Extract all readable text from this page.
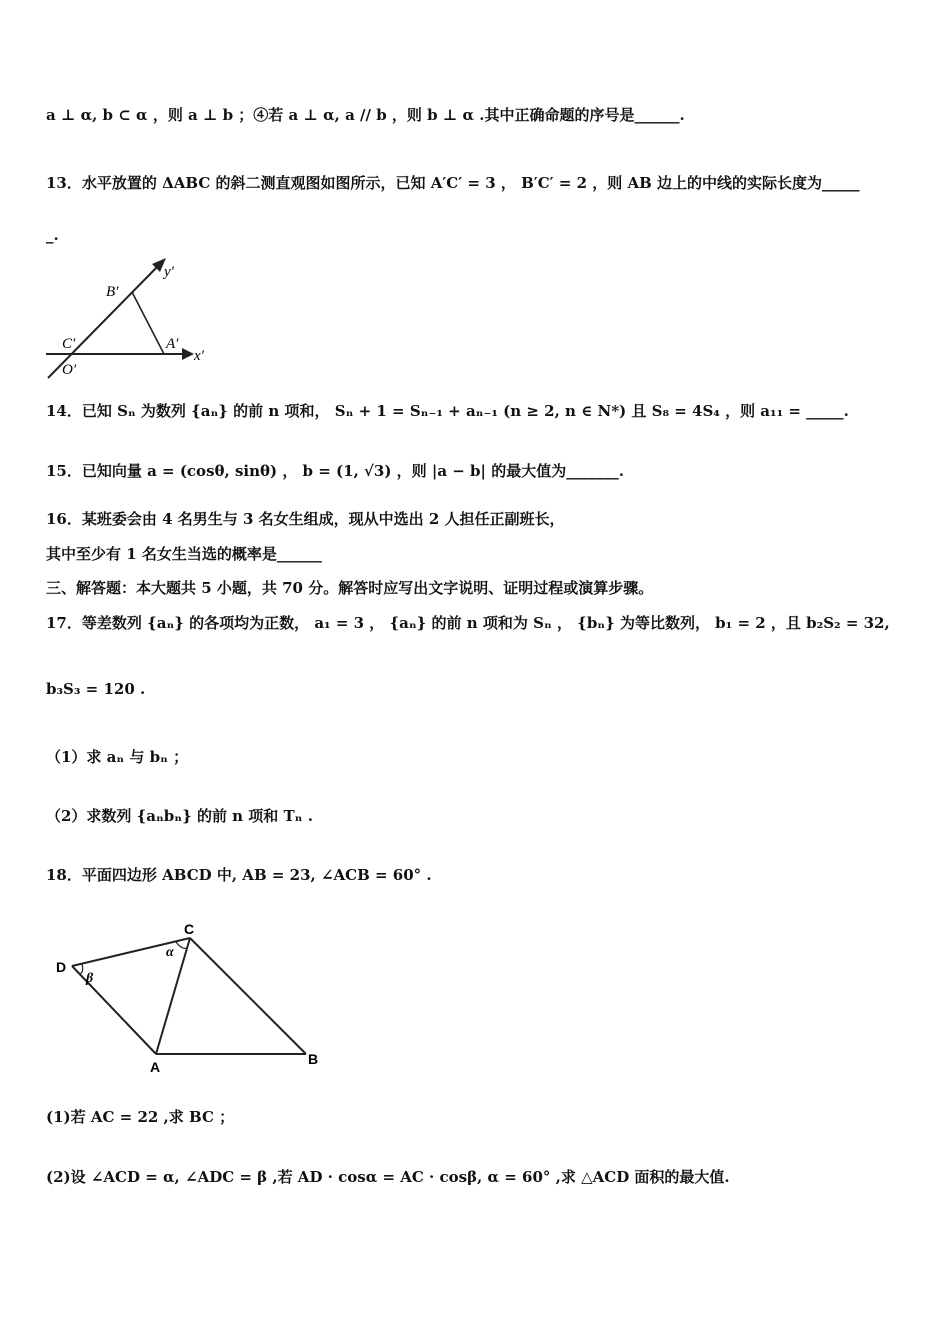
a ⊥ α, b ⊂ α ，则 a ⊥ b ；④若 a ⊥ α, a // b ，则 b ⊥ α .其中正确命题的序号是______.
13．水平放置的 ΔABC 的斜二测直观图如图所示，已知 A′C′ = 3 ， B′C′ = 2 ，则 AB 边上的中线的实际长度为_____
_.
y′
x′
B′
C′	A′
O′
14．已知 Sₙ 为数列 {aₙ} 的前 n 项和， Sₙ + 1 = Sₙ₋₁ + aₙ₋₁ (n ≥ 2, n ∈ N*) 且 S₈ = 4S₄ ，则 a₁₁ = _____.
15．已知向量 a = (cosθ, sinθ) ， b = (1, √3) ，则 |a − b| 的最大值为_______.
16．某班委会由 4 名男生与 3 名女生组成，现从中选出 2 人担任正副班长，
其中至少有 1 名女生当选的概率是______
三、解答题：本大题共 5 小题，共 70 分。解答时应写出文字说明、证明过程或演算步骤。
17．等差数列 {aₙ} 的各项均为正数， a₁ = 3 ， {aₙ} 的前 n 项和为 Sₙ ， {bₙ} 为等比数列， b₁ = 2 ，且 b₂S₂ = 32,
b₃S₃ = 120 .
（1）求 aₙ 与 bₙ ；
（2）求数列 {aₙbₙ} 的前 n 项和 Tₙ .
18．平面四边形 ABCD 中, AB = 23, ∠ACB = 60° .
C
D
A	B
α
β
(1)若 AC = 22 ,求 BC ；
(2)设 ∠ACD = α, ∠ADC = β ,若 AD · cosα = AC · cosβ, α = 60° ,求 △ACD 面积的最大值.
